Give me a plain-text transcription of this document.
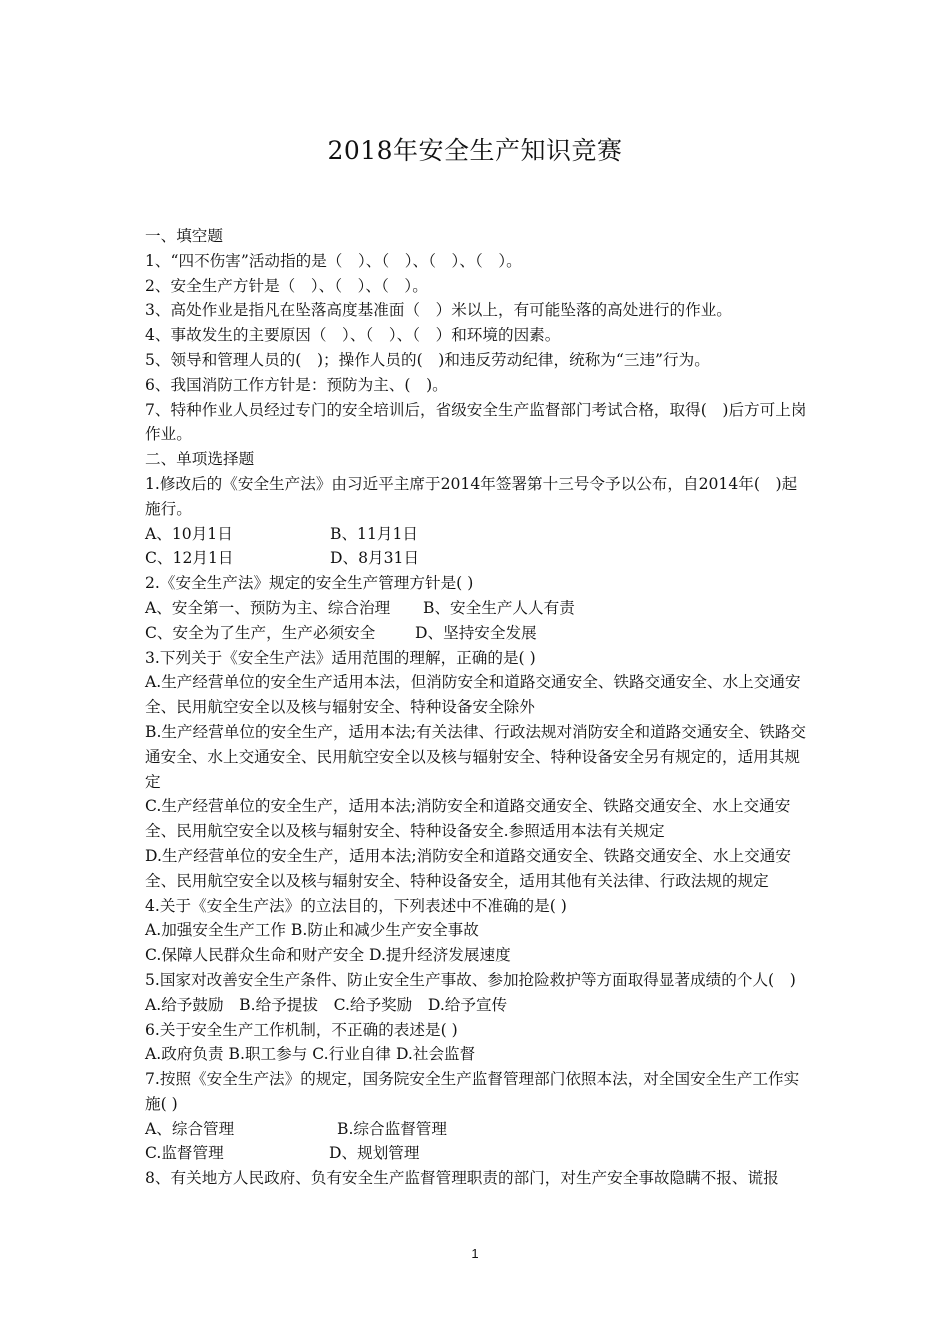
2018年安全生产知识竞赛

一、填空题

1、“四不伤害”活动指的是（　）、（　）、（　）、（　）。

2、安全生产方针是（　）、（　）、（　）。

3、高处作业是指凡在坠落高度基准面（　）米以上，有可能坠落的高处进行的作业。

4、事故发生的主要原因（　）、（　）、（　）和环境的因素。

5、领导和管理人员的(　)；操作人员的(　)和违反劳动纪律，统称为“三违”行为。

6、我国消防工作方针是：预防为主、(　)。

7、特种作业人员经过专门的安全培训后，省级安全生产监督部门考试合格，取得(　)后方可上岗作业。

二、单项选择题

1.修改后的《安全生产法》由习近平主席于2014年签署第十三号令予以公布，自2014年(　)起施行。

A、10月1日	B、11月1日
C、12月1日	D、8月31日

2.《安全生产法》规定的安全生产管理方针是( )

A、安全第一、预防为主、综合治理	B、安全生产人人有责
C、安全为了生产，生产必须安全	D、坚持安全发展

3.下列关于《安全生产法》适用范围的理解，正确的是( )

A.生产经营单位的安全生产适用本法，但消防安全和道路交通安全、铁路交通安全、水上交通安全、民用航空安全以及核与辐射安全、特种设备安全除外

B.生产经营单位的安全生产，适用本法;有关法律、行政法规对消防安全和道路交通安全、铁路交通安全、水上交通安全、民用航空安全以及核与辐射安全、特种设备安全另有规定的，适用其规定

C.生产经营单位的安全生产，适用本法;消防安全和道路交通安全、铁路交通安全、水上交通安全、民用航空安全以及核与辐射安全、特种设备安全.参照适用本法有关规定

D.生产经营单位的安全生产，适用本法;消防安全和道路交通安全、铁路交通安全、水上交通安全、民用航空安全以及核与辐射安全、特种设备安全，适用其他有关法律、行政法规的规定

4.关于《安全生产法》的立法目的，下列表述中不准确的是( )

A.加强安全生产工作 B.防止和减少生产安全事故

C.保障人民群众生命和财产安全 D.提升经济发展速度

5.国家对改善安全生产条件、防止安全生产事故、参加抢险救护等方面取得显著成绩的个人(　)

A.给予鼓励　B.给予提拔　C.给予奖励　D.给予宣传

6.关于安全生产工作机制，不正确的表述是( )

A.政府负责 B.职工参与 C.行业自律 D.社会监督

7.按照《安全生产法》的规定，国务院安全生产监督管理部门依照本法，对全国安全生产工作实施( )

A、综合管理	B.综合监督管理
C.监督管理	D、规划管理

8、有关地方人民政府、负有安全生产监督管理职责的部门，对生产安全事故隐瞒不报、谎报

1
